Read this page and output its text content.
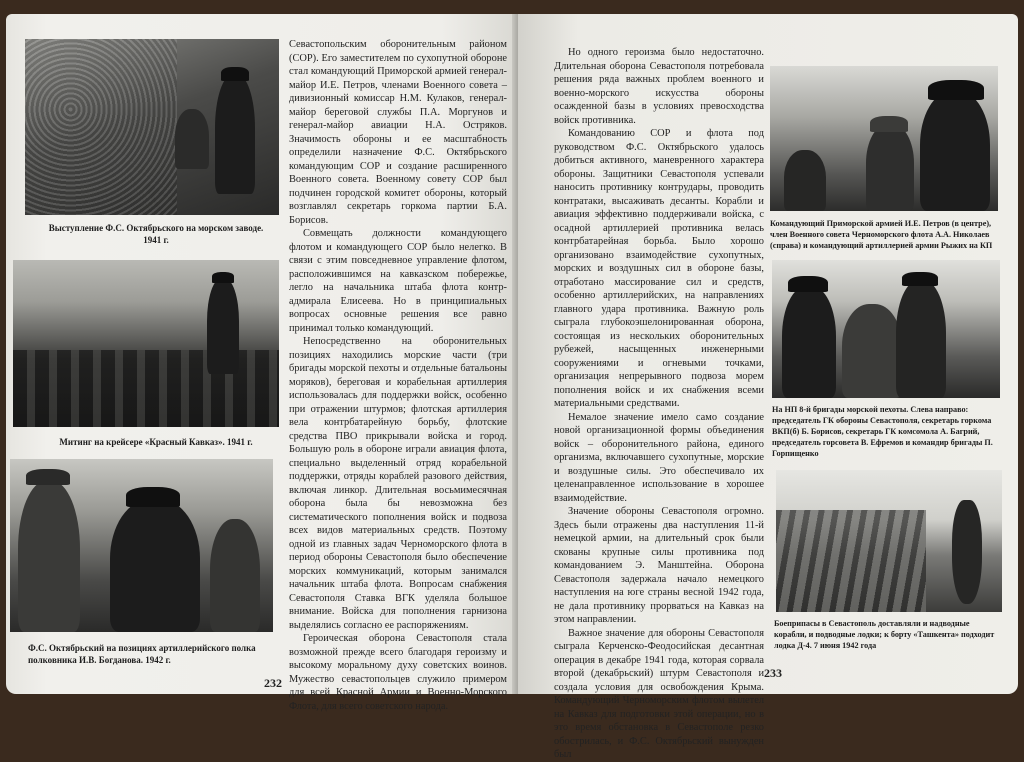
Выступление Ф.С. Октябрьского на морском заводе. 1941 г.
Митинг на крейсере «Красный Кавказ». 1941 г.
Ф.С. Октябрьский на позициях артиллерийского полка полковника И.В. Богданова. 1942 г.

Севастопольским оборонительным районом (СОР). Его заместителем по сухопутной обороне стал командующий Приморской армией генерал-майор И.Е. Петров, членами Военного совета – дивизионный комиссар Н.М. Кулаков, генерал-майор береговой службы П.А. Моргунов и генерал-майор авиации Н.А. Остряков. Значимость обороны и ее масштабность определили назначение Ф.С. Октябрьского командующим СОР и создание расширенного Военного совета. Военному совету СОР был подчинен городской комитет обороны, который возглавлял секретарь горкома партии Б.А. Борисов.

Совмещать должности командующего флотом и командующего СОР было нелегко. В связи с этим повседневное управление флотом, расположившимся на кавказском побережье, легло на начальника штаба флота контр-адмирала Елисеева. Но в принципиальных вопросах основные решения все равно принимал только командующий.

Непосредственно на оборонительных позициях находились морские части (три бригады морской пехоты и отдельные батальоны моряков), береговая и корабельная артиллерия использовалась для поддержки войск, особенно при отражении штурмов; флотская артиллерия вела контрбатарейную борьбу, флотские средства ПВО прикрывали войска и город. Большую роль в обороне играли авиация флота, специально выделенный отряд корабельной поддержки, отряды кораблей разового действия, включая линкор. Длительная восьмимесячная оборона была бы невозможна без систематического пополнения войск и подвоза всех видов материальных средств. Поэтому одной из главных задач Черноморского флота в период обороны Севастополя было обеспечение морских коммуникаций, которым занимался начальник штаба флота. Вопросам снабжения Севастополя Ставка ВГК уделяла большое внимание. Войска для пополнения гарнизона выделялись согласно ее распоряжениям.

Героическая оборона Севастополя стала возможной прежде всего благодаря героизму и высокому моральному духу советских воинов. Мужество севастопольцев служило примером для всей Красной Армии и Военно-Морского Флота, для всего советского народа.

232

Но одного героизма было недостаточно. Длительная оборона Севастополя потребовала решения ряда важных проблем военного и военно-морского искусства обороны осажденной базы в условиях превосходства войск противника.

Командованию СОР и флота под руководством Ф.С. Октябрьского удалось добиться активного, маневренного характера обороны. Защитники Севастополя успевали наносить противнику контрудары, проводить контратаки, высаживать десанты. Корабли и авиация эффективно поддерживали войска, с осадной артиллерией противника велась контрбатарейная борьба. Было хорошо организовано взаимодействие сухопутных, морских и воздушных сил в обороне базы, отработано массирование сил и средств, особенно артиллерийских, на направлениях главного удара противника. Важную роль сыграла глубокоэшелонированная оборона, состоящая из нескольких оборонительных рубежей, насыщенных инженерными сооружениями и огневыми точками, организация непрерывного подвоза морем пополнения войск и их снабжения всеми материальными средствами.

Немалое значение имело само создание новой организационной формы объединения войск – оборонительного района, единого организма, включавшего сухопутные, морские и воздушные силы. Это обеспечивало их целенаправленное использование в хорошее взаимодействие.

Значение обороны Севастополя огромно. Здесь были отражены два наступления 11-й немецкой армии, на длительный срок были скованы крупные силы противника под командованием Э. Манштейна. Оборона Севастополя задержала начало немецкого наступления на юге страны весной 1942 года, не дала противнику прорваться на Кавказ на этом направлении.

Важное значение для обороны Севастополя сыграла Керченско-Феодосийская десантная операция в декабре 1941 года, которая сорвала второй (декабрьский) штурм Севастополя и создала условия для освобождения Крыма. Командующий Черноморским флотом вылетел на Кавказ для подготовки этой операции, но в это время обстановка в Севастополе резко обострилась, и Ф.С. Октябрьский вынужден был

Командующий Приморской армией И.Е. Петров (в центре), член Военного совета Черноморского флота А.А. Николаев (справа) и командующий артиллерией армии Рыжих на КП
На НП 8-й бригады морской пехоты. Слева направо: председатель ГК обороны Севастополя, секретарь горкома ВКП(б) Б. Борисов, секретарь ГК комсомола А. Багрий, председатель горсовета В. Ефремов и командир бригады П. Горпищенко
Боеприпасы в Севастополь доставляли и надводные корабли, и подводные лодки; к борту «Ташкента» подходит лодка Д-4. 7 июня 1942 года
233
